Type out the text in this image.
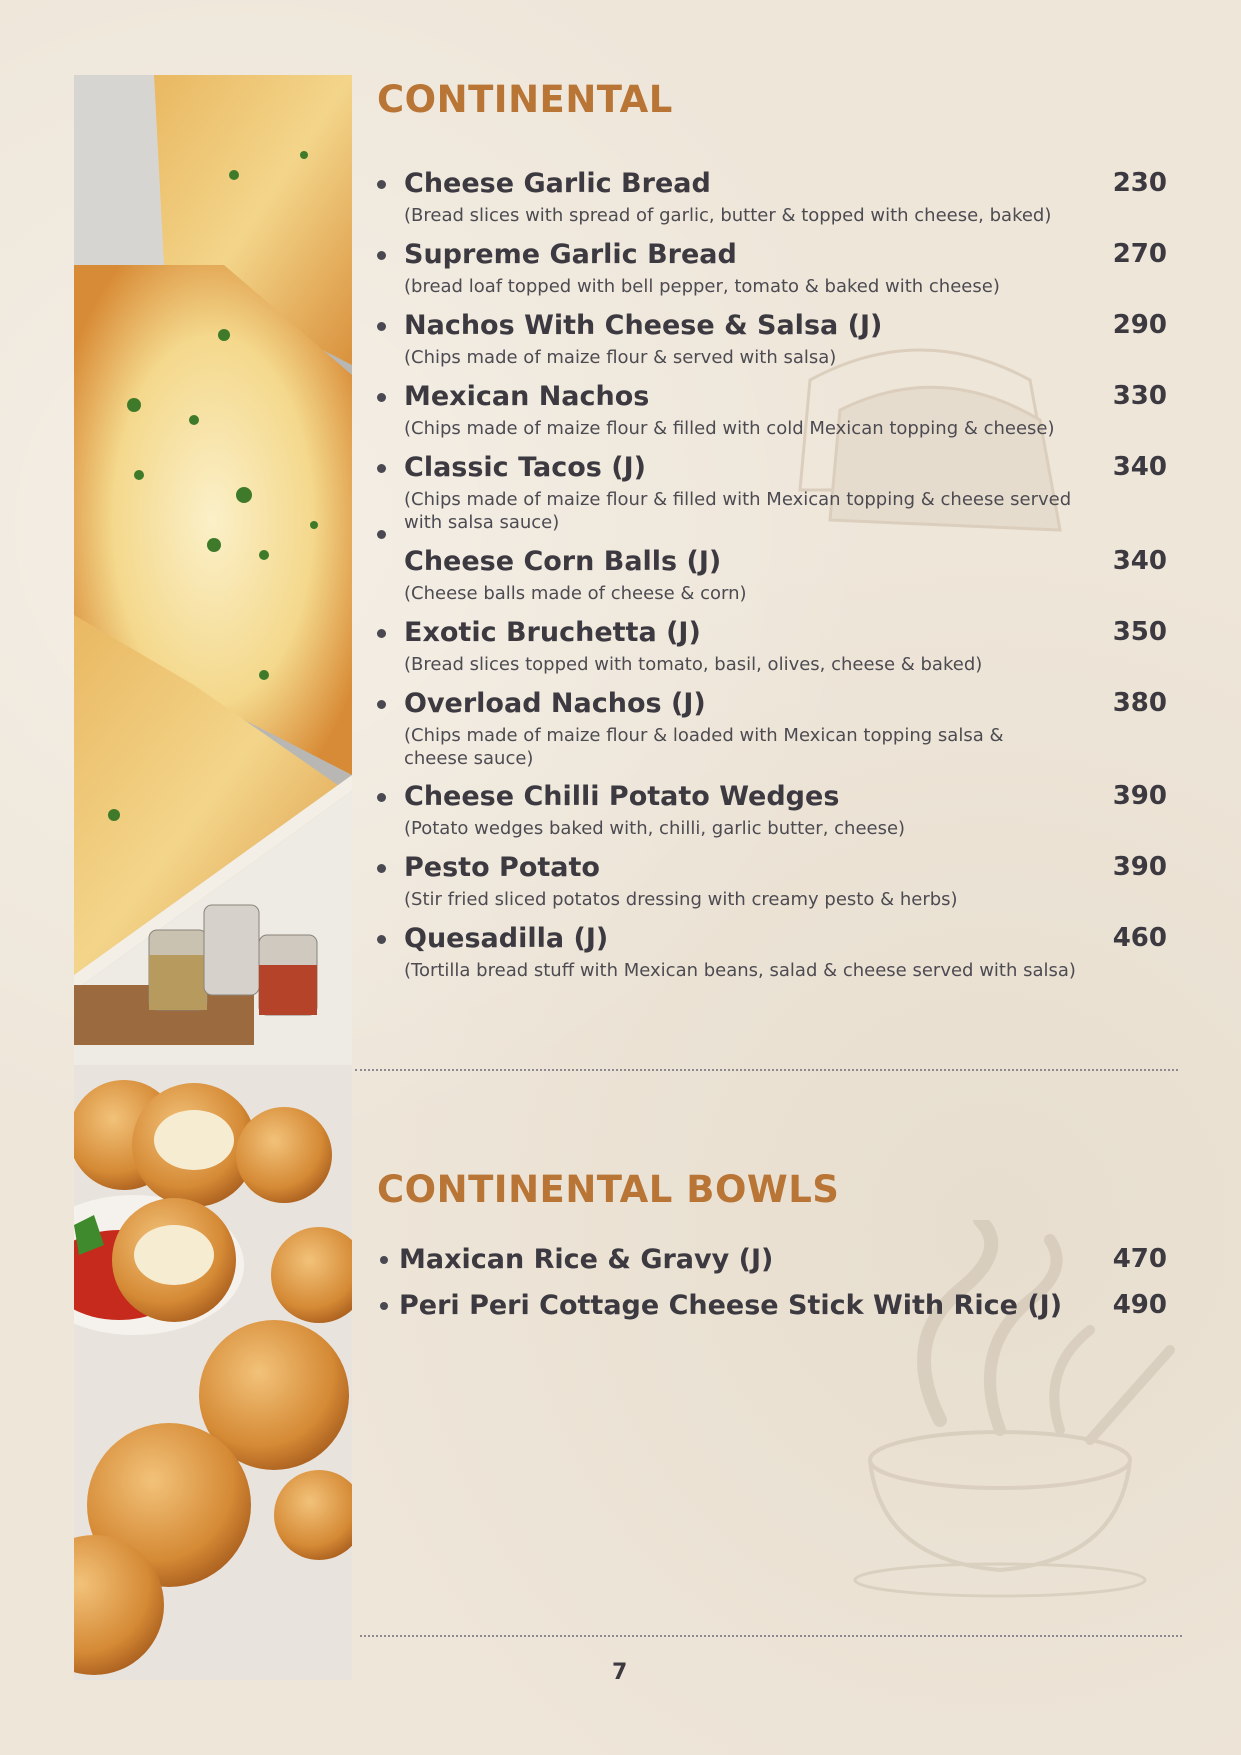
CONTINENTAL
Cheese Garlic Bread	230
(Bread slices with spread of garlic, butter & topped with cheese, baked)
Supreme Garlic Bread	270
(bread loaf topped with bell pepper, tomato & baked with cheese)
Nachos With Cheese & Salsa (J)	290
(Chips made of maize flour & served with salsa)
Mexican Nachos	330
(Chips made of maize flour & filled with cold Mexican topping & cheese)
Classic Tacos (J)	340
(Chips made of maize flour & filled with Mexican topping & cheese served with salsa sauce)
Cheese Corn Balls (J)	340
(Cheese balls made of cheese & corn)
Exotic Bruchetta (J)	350
(Bread slices topped with tomato, basil, olives, cheese & baked)
Overload Nachos (J)	380
(Chips made of maize flour & loaded with Mexican topping salsa & cheese sauce)
Cheese Chilli Potato Wedges	390
(Potato wedges baked with, chilli, garlic butter, cheese)
Pesto Potato	390
(Stir fried sliced potatos dressing with creamy pesto & herbs)
Quesadilla (J)	460
(Tortilla bread stuff with Mexican beans, salad & cheese served with salsa)
CONTINENTAL BOWLS
Maxican Rice & Gravy (J)	470
Peri Peri Cottage Cheese Stick With Rice (J) 490
7
